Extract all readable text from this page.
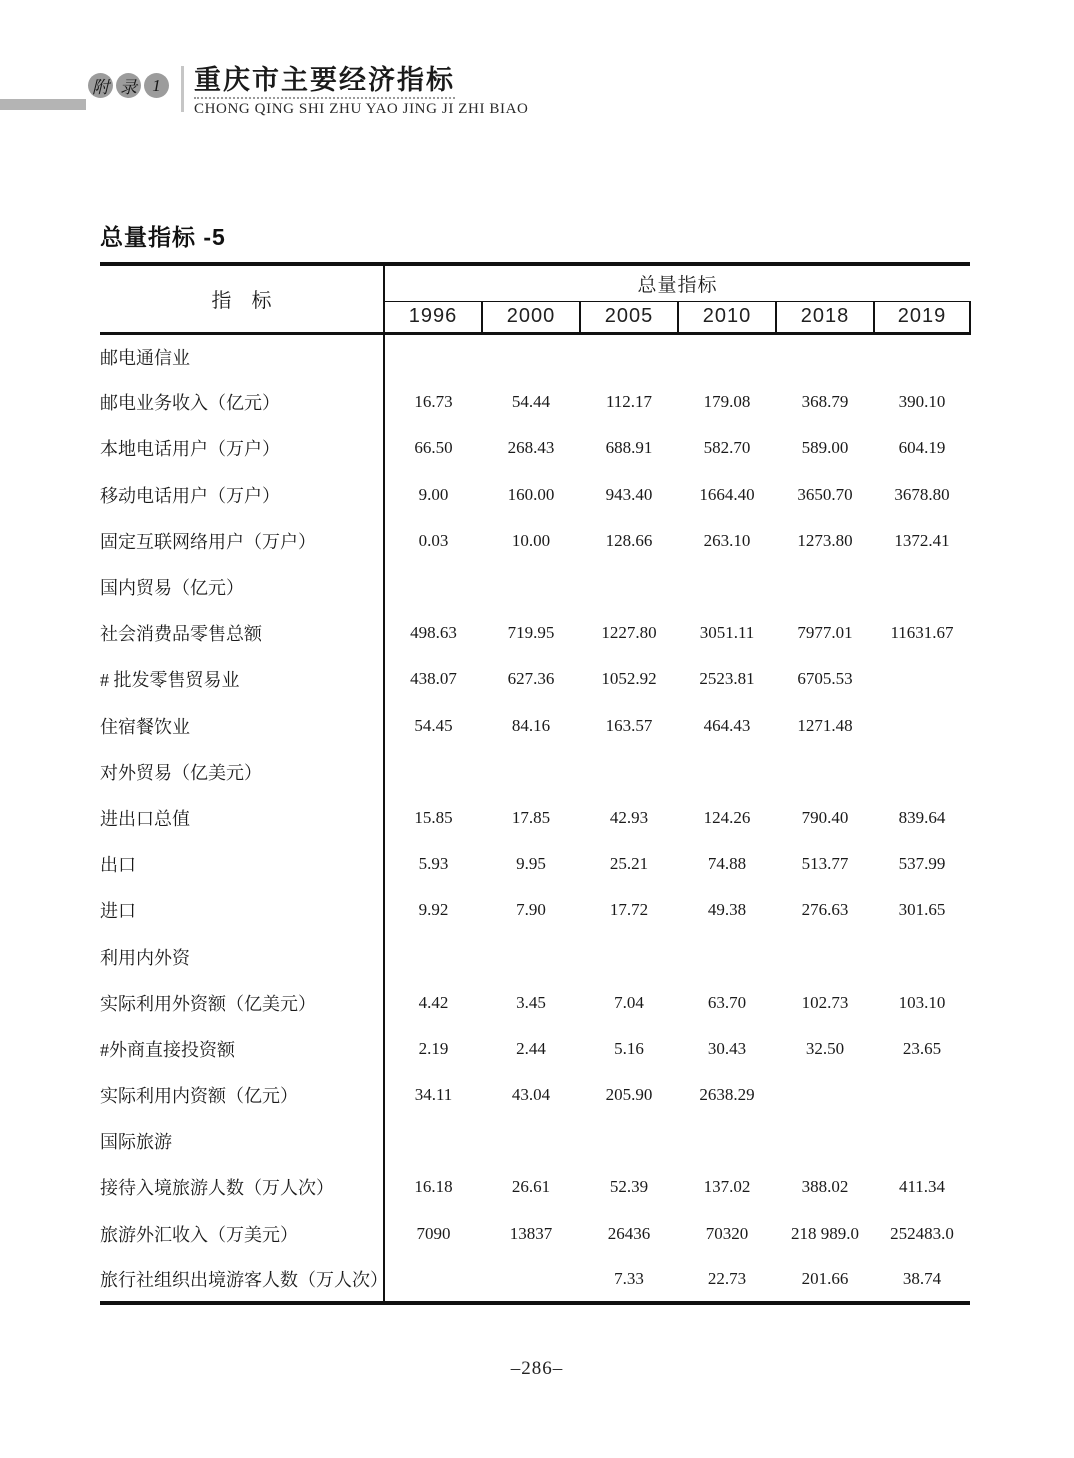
附 录 1	重庆市主要经济指标
CHONG QING SHI ZHU YAO JING JI ZHI BIAO
总量指标 -5
指　标	总量指标					
	1996	2000	2005	2010	2018	2019
邮电通信业						
邮电业务收入（亿元）	16.73	54.44	112.17	179.08	368.79	390.10
本地电话用户（万户）	66.50	268.43	688.91	582.70	589.00	604.19
移动电话用户（万户）	9.00	160.00	943.40	1664.40	3650.70	3678.80
固定互联网络用户（万户）	0.03	10.00	128.66	263.10	1273.80	1372.41
国内贸易（亿元）						
社会消费品零售总额	498.63	719.95	1227.80	3051.11	7977.01	11631.67
# 批发零售贸易业	438.07	627.36	1052.92	2523.81	6705.53	
住宿餐饮业	54.45	84.16	163.57	464.43	1271.48	
对外贸易（亿美元）						
进出口总值	15.85	17.85	42.93	124.26	790.40	839.64
出口	5.93	9.95	25.21	74.88	513.77	537.99
进口	9.92	7.90	17.72	49.38	276.63	301.65
利用内外资						
实际利用外资额（亿美元）	4.42	3.45	7.04	63.70	102.73	103.10
#外商直接投资额	2.19	2.44	5.16	30.43	32.50	23.65
实际利用内资额（亿元）	34.11	43.04	205.90	2638.29		
国际旅游						
接待入境旅游人数（万人次）	16.18	26.61	52.39	137.02	388.02	411.34
旅游外汇收入（万美元）	7090	13837	26436	70320	218 989.0	252483.0
旅行社组织出境游客人数（万人次）			7.33	22.73	201.66	38.74
–286–
